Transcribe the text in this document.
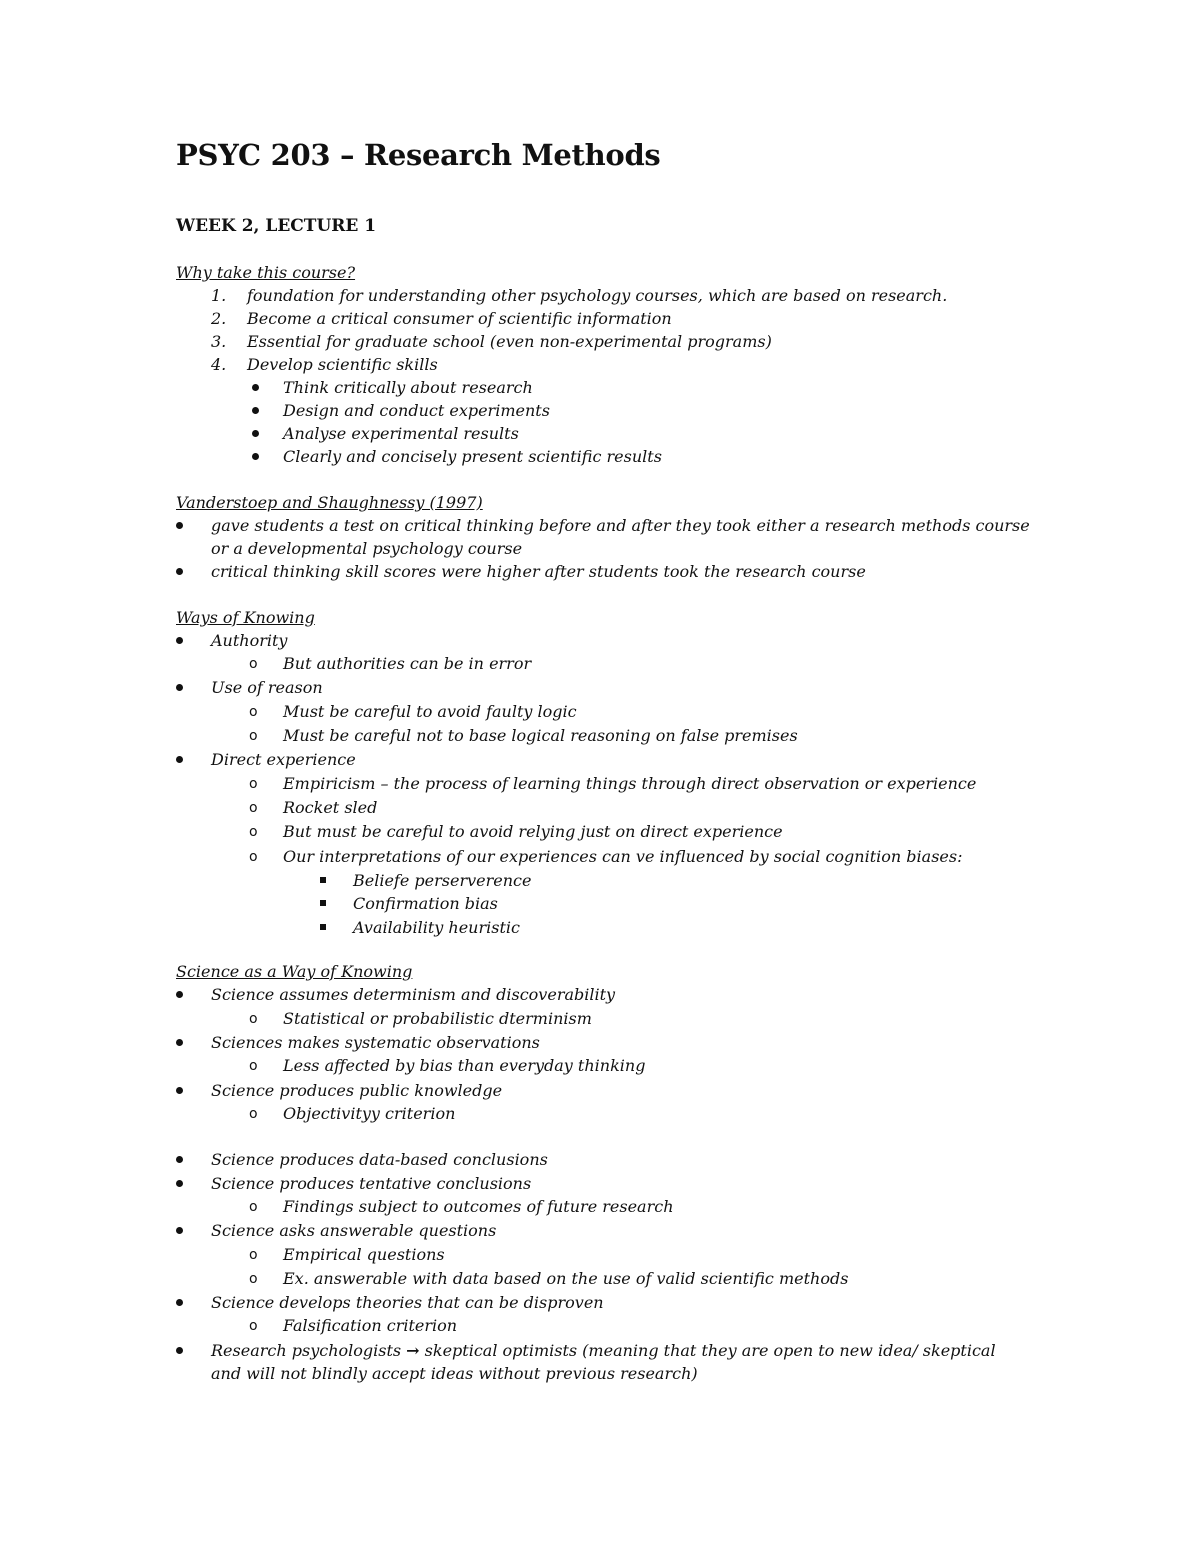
PSYC 203 – Research Methods
WEEK 2, LECTURE 1
Why take this course?
1. foundation for understanding other psychology courses, which are based on research.
2. Become a critical consumer of scientific information
3. Essential for graduate school (even non-experimental programs)
4. Develop scientific skills
Think critically about research
Design and conduct experiments
Analyse experimental results
Clearly and concisely present scientific results
Vanderstoep and Shaughnessy (1997)
gave students a test on critical thinking before and after they took either a research methods course
or a developmental psychology course
critical thinking skill scores were higher after students took the research course
Ways of Knowing
Authority
o But authorities can be in error
Use of reason
o Must be careful to avoid faulty logic
o Must be careful not to base logical reasoning on false premises
Direct experience
o Empiricism – the process of learning things through direct observation or experience
o Rocket sled
o But must be careful to avoid relying just on direct experience
o Our interpretations of our experiences can ve influenced by social cognition biases:
Beliefe perserverence
Confirmation bias
Availability heuristic
Science as a Way of Knowing
Science assumes determinism and discoverability
o Statistical or probabilistic dterminism
Sciences makes systematic observations
o Less affected by bias than everyday thinking
Science produces public knowledge
o Objectivityy criterion
Science produces data-based conclusions
Science produces tentative conclusions
o Findings subject to outcomes of future research
Science asks answerable questions
o Empirical questions
o Ex. answerable with data based on the use of valid scientific methods
Science develops theories that can be disproven
o Falsification criterion
Research psychologists → skeptical optimists (meaning that they are open to new idea/ skeptical
and will not blindly accept ideas without previous research)
